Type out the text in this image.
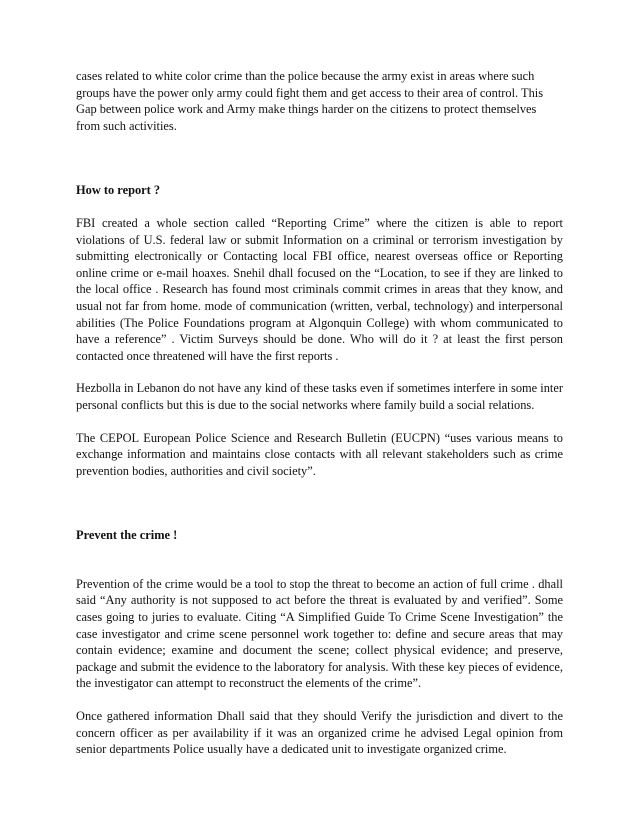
cases related to white color crime than the police because the army exist in areas where such groups have the power only army could fight them and get access to their area of control. This Gap between police work and Army make things harder on the citizens to protect themselves from such activities.

How to report ?

FBI created a whole section called “Reporting Crime” where the citizen is able to report violations of U.S. federal law or submit Information on a criminal or terrorism investigation by submitting electronically or Contacting local FBI office, nearest overseas office or Reporting online crime or e-mail hoaxes. Snehil dhall focused on the “Location, to see if they are linked to the local office . Research has found most criminals commit crimes in areas that they know, and usual not far from home. mode of communication (written, verbal, technology) and interpersonal abilities (The Police Foundations program at Algonquin College) with whom communicated to have a reference” . Victim Surveys should be done. Who will do it ? at least the first person contacted once threatened will have the first reports .

Hezbolla in Lebanon do not have any kind of these tasks even if sometimes interfere in some inter personal conflicts but this is due to the social networks where family build a social relations.

The CEPOL European Police Science and Research Bulletin (EUCPN) “uses various means to exchange information and maintains close contacts with all relevant stakeholders such as crime prevention bodies, authorities and civil society”.

Prevent the crime !

Prevention of the crime would be a tool to stop the threat to become an action of full crime . dhall said “Any authority is not supposed to act before the threat is evaluated by and verified”. Some cases going to juries to evaluate. Citing “A Simplified Guide To Crime Scene Investigation” the case investigator and crime scene personnel work together to: define and secure areas that may contain evidence; examine and document the scene; collect physical evidence; and preserve, package and submit the evidence to the laboratory for analysis. With these key pieces of evidence, the investigator can attempt to reconstruct the elements of the crime”.

Once gathered information Dhall said that they should Verify the jurisdiction and divert to the concern officer as per availability if it was an organized crime he advised Legal opinion from senior departments Police usually have a dedicated unit to investigate organized crime.
